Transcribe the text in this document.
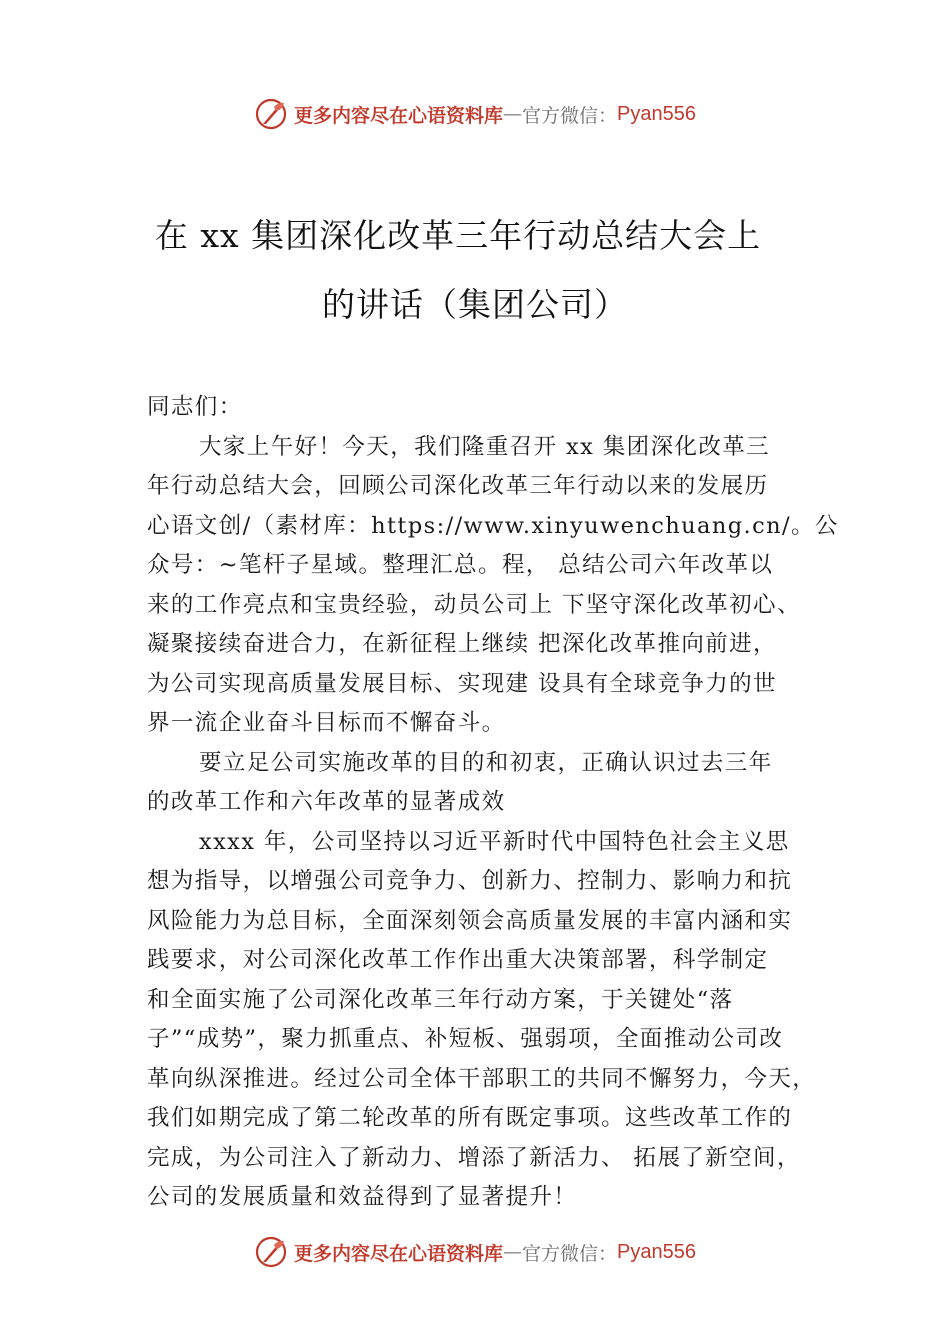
更多内容尽在心语资料库 — 官方微信： Pyan556
在 xx 集团深化改革三年行动总结大会上
的讲话（集团公司）

同志们：

大家上午好！今天，我们隆重召开 xx 集团深化改革三

年行动总结大会，回顾公司深化改革三年行动以来的发展历

心语文创/（素材库：https://www.xinyuwenchuang.cn/。公

众号：~笔杆子星域。整理汇总。程， 总结公司六年改革以

来的工作亮点和宝贵经验，动员公司上 下坚守深化改革初心、

凝聚接续奋进合力，在新征程上继续 把深化改革推向前进，

为公司实现高质量发展目标、实现建 设具有全球竞争力的世

界一流企业奋斗目标而不懈奋斗。

要立足公司实施改革的目的和初衷，正确认识过去三年

的改革工作和六年改革的显著成效

xxxx 年，公司坚持以习近平新时代中国特色社会主义思

想为指导，以增强公司竞争力、创新力、控制力、影响力和抗

风险能力为总目标，全面深刻领会高质量发展的丰富内涵和实

践要求，对公司深化改革工作作出重大决策部署，科学制定

和全面实施了公司深化改革三年行动方案，于关键处“落

子”“成势”，聚力抓重点、补短板、强弱项，全面推动公司改

革向纵深推进。经过公司全体干部职工的共同不懈努力，今天，

我们如期完成了第二轮改革的所有既定事项。这些改革工作的

完成，为公司注入了新动力、增添了新活力、 拓展了新空间，

公司的发展质量和效益得到了显著提升！

更多内容尽在心语资料库 — 官方微信： Pyan556
